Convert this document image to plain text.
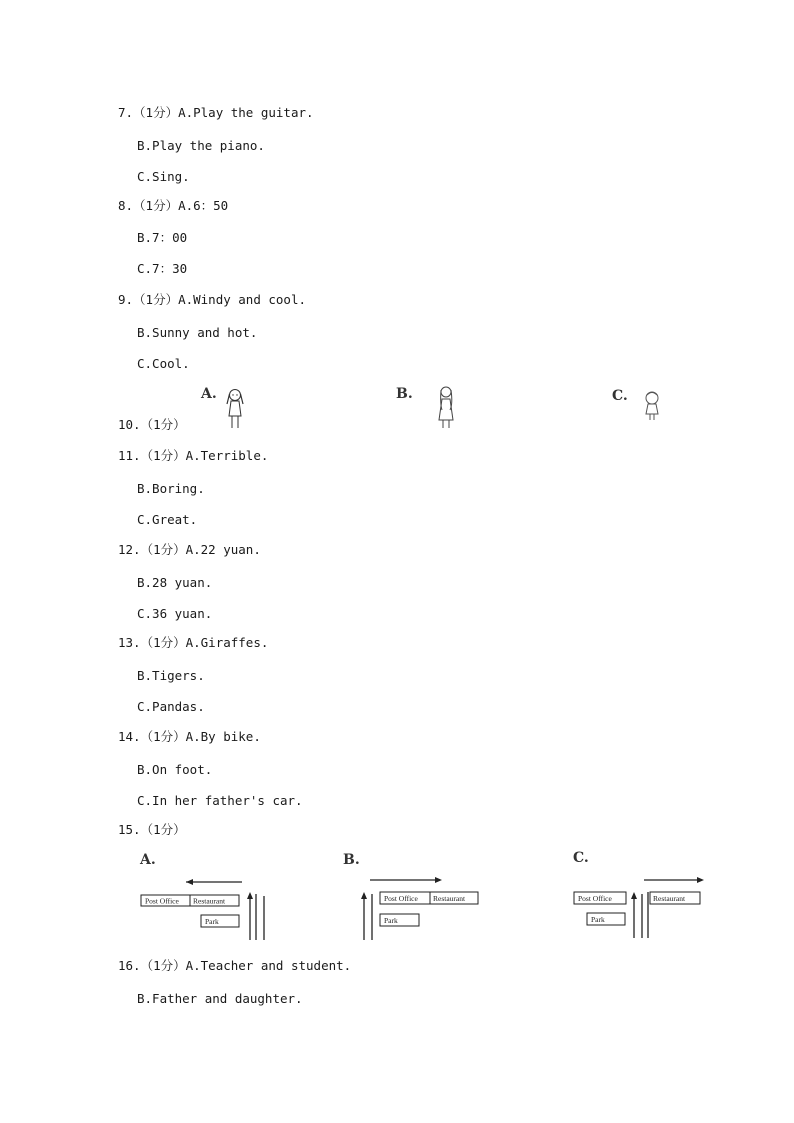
7.（1分）A.Play the guitar.
B.Play the piano.
C.Sing.
8.（1分）A.6：50
B.7：00
C.7：30
9.（1分）A.Windy and cool.
B.Sunny and hot.
C.Cool.
A.	B.	C.
10.（1分）
11.（1分）A.Terrible.
B.Boring.
C.Great.
12.（1分）A.22 yuan.
B.28 yuan.
C.36 yuan.
13.（1分）A.Giraffes.
B.Tigers.
C.Pandas.
14.（1分）A.By bike.
B.On foot.
C.In her father's car.
15.（1分）
A.
Post Office Restaurant
Park
B.
Post Office Restaurant
Park
C.
Post Office
Park
Restaurant
16.（1分）A.Teacher and student.
B.Father and daughter.
